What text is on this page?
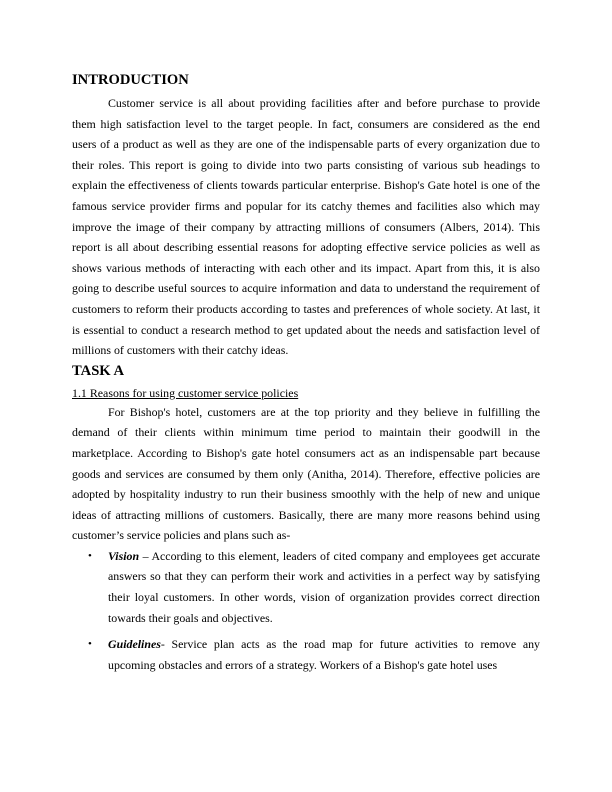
INTRODUCTION

Customer service is all about providing facilities after and before purchase to provide them high satisfaction level to the target people. In fact, consumers are considered as the end users of a product as well as they are one of the indispensable parts of every organization due to their roles. This report is going to divide into two parts consisting of various sub headings to explain the effectiveness of clients towards particular enterprise. Bishop's Gate hotel is one of the famous service provider firms and popular for its catchy themes and facilities also which may improve the image of their company by attracting millions of consumers (Albers, 2014). This report is all about describing essential reasons for adopting effective service policies as well as shows various methods of interacting with each other and its impact. Apart from this, it is also going to describe useful sources to acquire information and data to understand the requirement of customers to reform their products according to tastes and preferences of whole society. At last, it is essential to conduct a research method to get updated about the needs and satisfaction level of millions of customers with their catchy ideas.

TASK A
1.1 Reasons for using customer service policies

For Bishop's hotel, customers are at the top priority and they believe in fulfilling the demand of their clients within minimum time period to maintain their goodwill in the marketplace. According to Bishop's gate hotel consumers act as an indispensable part because goods and services are consumed by them only (Anitha, 2014). Therefore, effective policies are adopted by hospitality industry to run their business smoothly with the help of new and unique ideas of attracting millions of customers. Basically, there are many more reasons behind using customer’s service policies and plans such as-

• Vision – According to this element, leaders of cited company and employees get accurate answers so that they can perform their work and activities in a perfect way by satisfying their loyal customers. In other words, vision of organization provides correct direction towards their goals and objectives.
• Guidelines- Service plan acts as the road map for future activities to remove any upcoming obstacles and errors of a strategy. Workers of a Bishop's gate hotel uses
